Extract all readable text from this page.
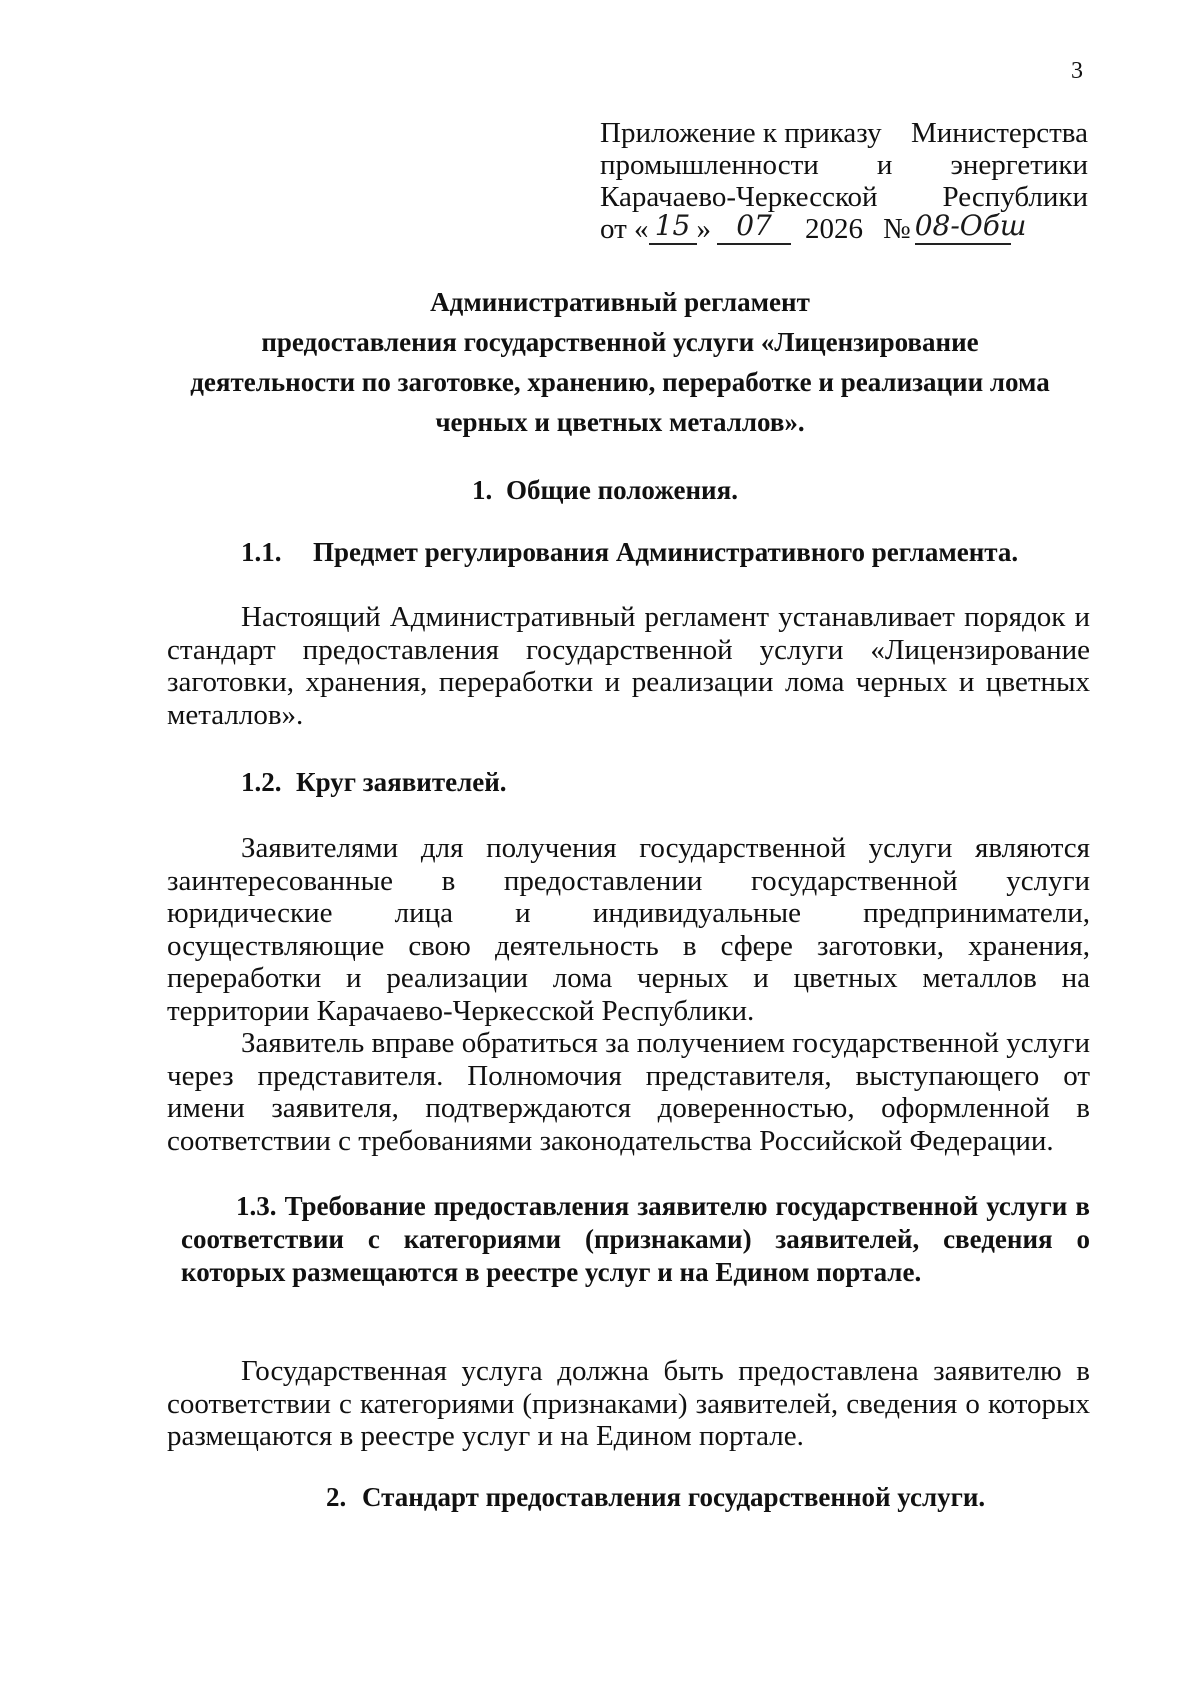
3
Приложение к приказу Министерства
промышленности и энергетики
Карачаево-Черкесской Республики
от « 15 » 07	2026 № 08-Обш
Административный регламент
предоставления государственной услуги «Лицензирование
деятельности по заготовке, хранению, переработке и реализации лома
черных и цветных металлов».
1. Общие положения.
1.1. Предмет регулирования Административного регламента.
Настоящий Административный регламент устанавливает порядок и стандарт предоставления государственной услуги «Лицензирование заготовки, хранения, переработки и реализации лома черных и цветных металлов».
1.2. Круг заявителей.
Заявителями для получения государственной услуги являются заинтересованные в предоставлении государственной услуги юридические лица и индивидуальные предприниматели, осуществляющие свою деятельность в сфере заготовки, хранения, переработки и реализации лома черных и цветных металлов на территории Карачаево-Черкесской Республики.
Заявитель вправе обратиться за получением государственной услуги через представителя. Полномочия представителя, выступающего от имени заявителя, подтверждаются доверенностью, оформленной в соответствии с требованиями законодательства Российской Федерации.
1.3. Требование предоставления заявителю государственной услуги в соответствии с категориями (признаками) заявителей, сведения о которых размещаются в реестре услуг и на Едином портале.
Государственная услуга должна быть предоставлена заявителю в соответствии с категориями (признаками) заявителей, сведения о которых размещаются в реестре услуг и на Едином портале.
2. Стандарт предоставления государственной услуги.
